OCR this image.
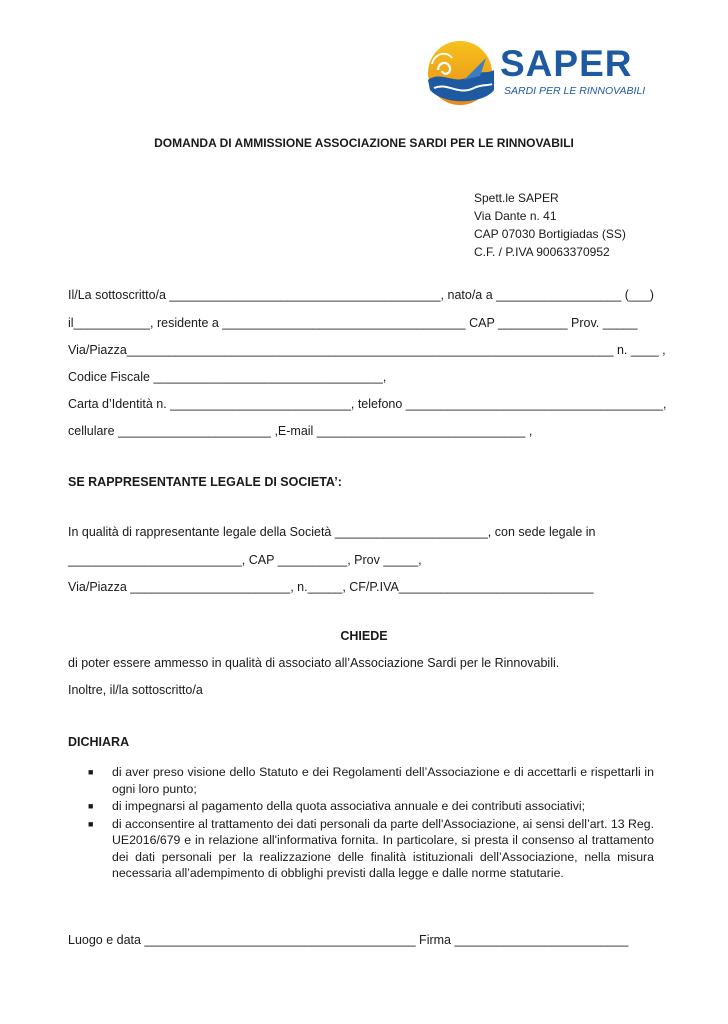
SAPER
SARDI PER LE RINNOVABILI
DOMANDA DI AMMISSIONE ASSOCIAZIONE SARDI PER LE RINNOVABILI
Spett.le SAPER
Via Dante n. 41
CAP 07030 Bortigiadas (SS)
C.F. / P.IVA 90063370952
Il/La sottoscritto/a _______________________________________, nato/a a __________________ (___)
il___________, residente a ___________________________________ CAP __________ Prov. _____
Via/Piazza______________________________________________________________________ n. ____ ,
Codice Fiscale _________________________________,
Carta d’Identità n. __________________________, telefono _____________________________________,
cellulare ______________________ ,E-mail ______________________________ ,
SE RAPPRESENTANTE LEGALE DI SOCIETA’:
In qualità di rappresentante legale della Società ______________________, con sede legale in
_________________________, CAP __________, Prov _____,
Via/Piazza _______________________, n._____, CF/P.IVA____________________________
CHIEDE
di poter essere ammesso in qualità di associato all’Associazione Sardi per le Rinnovabili.
Inoltre, il/la sottoscritto/a
DICHIARA
■ di aver preso visione dello Statuto e dei Regolamenti dell’Associazione e di accettarli e rispettarli in ogni loro punto;
■ di impegnarsi al pagamento della quota associativa annuale e dei contributi associativi;
■ di acconsentire al trattamento dei dati personali da parte dell'Associazione, ai sensi dell’art. 13 Reg. UE2016/679 e in relazione all'informativa fornita. In particolare, si presta il consenso al trattamento dei dati personali per la realizzazione delle finalità istituzionali dell’Associazione, nella misura necessaria all’adempimento di obblighi previsti dalla legge e dalle norme statutarie.
Luogo e data _______________________________________ Firma _________________________
